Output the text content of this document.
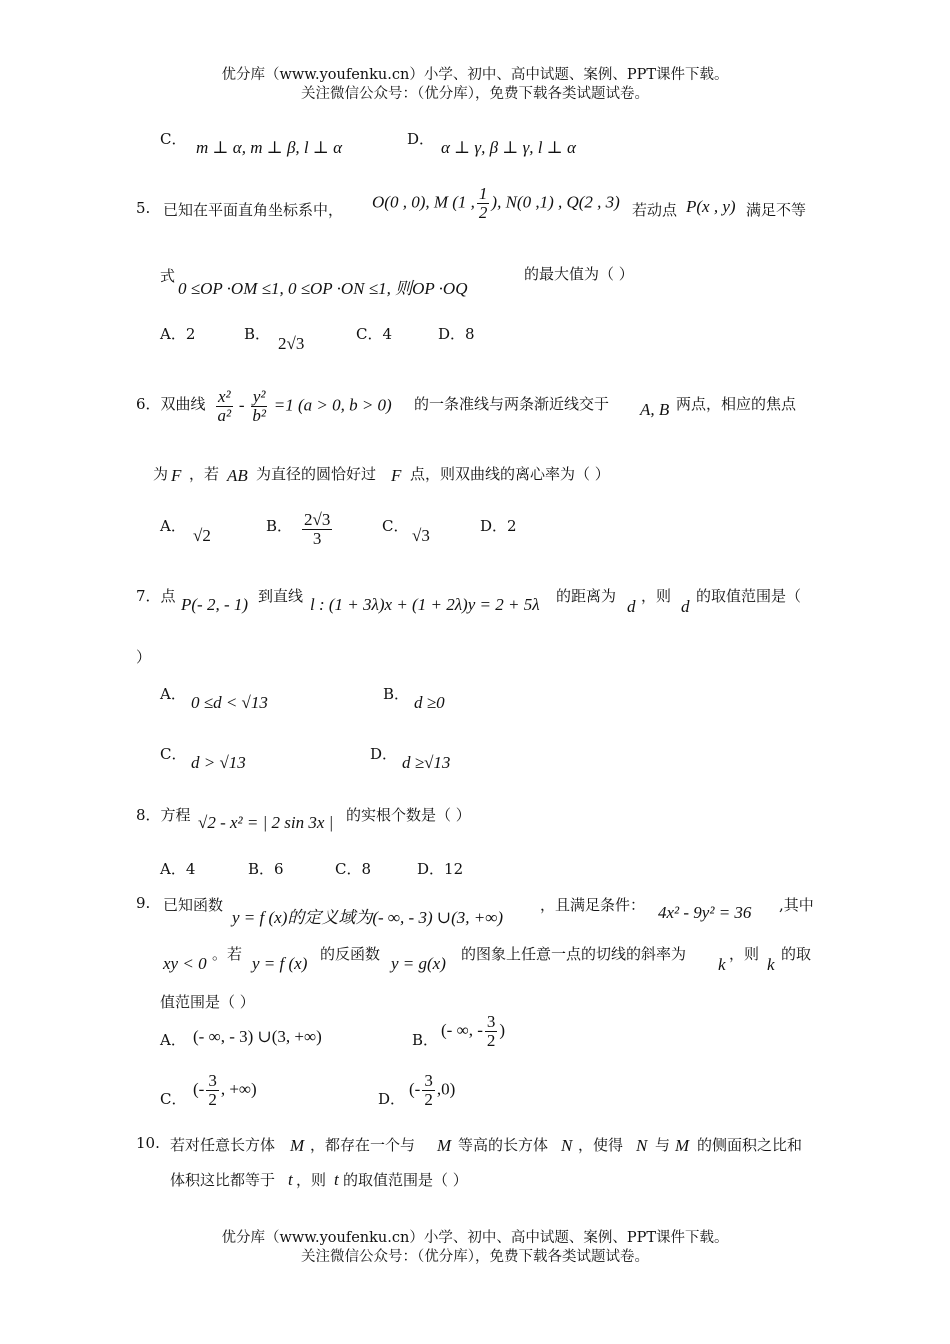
优分库（www.youfenku.cn）小学、初中、高中试题、案例、PPT课件下载。
关注微信公众号：（优分库），免费下载各类试题试卷。
C． m ⊥ α, m ⊥ β, l ⊥ α	D． α ⊥ γ, β ⊥ γ, l ⊥ α
5. 已知在平面直角坐标系中， O(0 , 0), M (1 , $\frac{1}{2}$ ), N(0 ,1) , Q(2 , 3) 若动点 P(x , y) 满足不等
式
0 ≤OP ·OM ≤1, 0 ≤OP ·ON ≤1, 则OP ·OQ
的最大值为（ ）
A．2	B． 2√3	C．4	D．8
6．双曲线 $\frac{\text{x²}}{\text{a²}} - \frac{\text{y²}}{\text{b²}} =1$ (a > 0, b > 0) 的一条准线与两条渐近线交于 A, B 两点，相应的焦点
为 F ，若 AB 为直径的圆恰好过 F 点，则双曲线的离心率为（ ）
A． √2	B． $\frac{2√3}{3}$	C． √3	D．2
7．点 P(- 2, - 1) 到直线 l : (1 + 3λ)x + (1 + 2λ)y = 2 + 5λ 的距离为
d
，则
d
的取值范围是（
）
A． 0 ≤d < √13	B． d ≥0
C． d > √13	D． d ≥√13
8．方程 √2 - x² = | 2 sin 3x | 的实根个数是（ ）
A．4	B．6	C．8	D．12
9. 已知函数
y = f (x)的定义域为(- ∞, - 3) ∪(3, +∞)
，且满足条件： 4x² - 9y² = 36 ,其中
xy < 0 。若 y = f (x) 的反函数 y = g(x) 的图象上任意一点的切线的斜率为
k
，则
k
的取
值范围是（ ）
A． (- ∞, - 3) ∪(3, +∞)	B．
(- ∞, - $\frac{3}{2}$ )
C．
(- $\frac{3}{2}$ , +∞)
D．
(- $\frac{3}{2} ,0$)
10. 若对任意长方体 M ，都存在一个与 M 等高的长方体 N ，使得 N 与 M 的侧面积之比和
体积这比都等于 t ，则 t 的取值范围是（ ）
优分库（www.youfenku.cn）小学、初中、高中试题、案例、PPT课件下载。
关注微信公众号：（优分库），免费下载各类试题试卷。
